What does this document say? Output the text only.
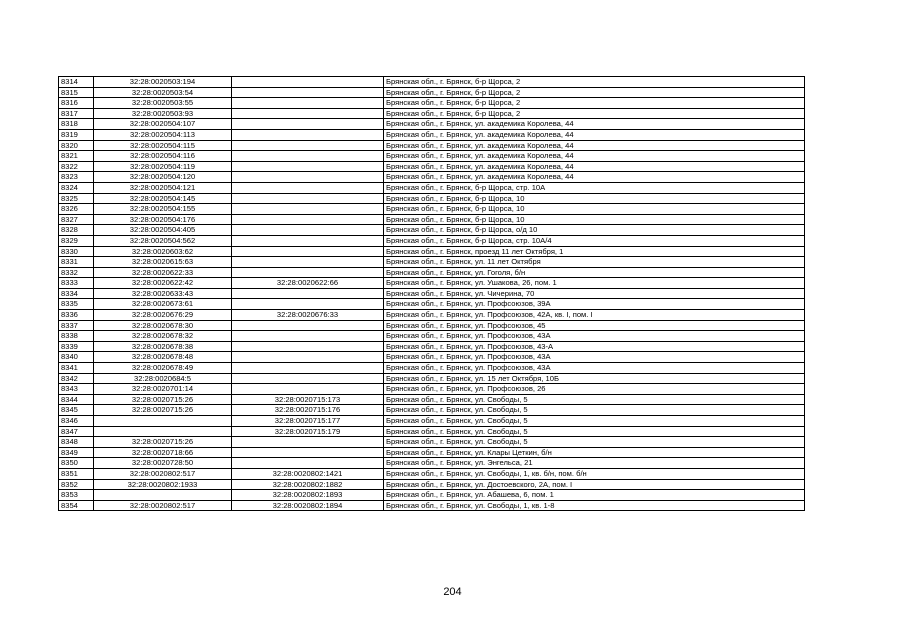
8314	32:28:0020503:194		Брянская обл., г. Брянск, б-р Щорса, 2
8315	32:28:0020503:54		Брянская обл., г. Брянск, б-р Щорса, 2
8316	32:28:0020503:55		Брянская обл., г. Брянск, б-р Щорса, 2
8317	32:28:0020503:93		Брянская обл., г. Брянск, б-р Щорса, 2
8318	32:28:0020504:107		Брянская обл., г. Брянск, ул. академика Королева, 44
8319	32:28:0020504:113		Брянская обл., г. Брянск, ул. академика Королева, 44
8320	32:28:0020504:115		Брянская обл., г. Брянск, ул. академика Королева, 44
8321	32:28:0020504:116		Брянская обл., г. Брянск, ул. академика Королева, 44
8322	32:28:0020504:119		Брянская обл., г. Брянск, ул. академика Королева, 44
8323	32:28:0020504:120		Брянская обл., г. Брянск, ул. академика Королева, 44
8324	32:28:0020504:121		Брянская обл., г. Брянск, б-р Щорса, стр. 10А
8325	32:28:0020504:145		Брянская обл., г. Брянск, б-р Щорса, 10
8326	32:28:0020504:155		Брянская обл., г. Брянск, б-р Щорса, 10
8327	32:28:0020504:176		Брянская обл., г. Брянск, б-р Щорса, 10
8328	32:28:0020504:405		Брянская обл., г. Брянск, б-р Щорса, о/д 10
8329	32:28:0020504:562		Брянская обл., г. Брянск, б-р Щорса, стр. 10А/4
8330	32:28:0020603:62		Брянская обл., г. Брянск, проезд 11 лет Октября, 1
8331	32:28:0020615:63		Брянская обл., г. Брянск, ул. 11 лет Октября
8332	32:28:0020622:33		Брянская обл., г. Брянск, ул. Гоголя, б/н
8333	32:28:0020622:42	32:28:0020622:66	Брянская обл., г. Брянск, ул. Ушакова, 26, пом. 1
8334	32:28:0020633:43		Брянская обл., г. Брянск, ул. Чичерина, 70
8335	32:28:0020673:61		Брянская обл., г. Брянск, ул. Профсоюзов, 39А
8336	32:28:0020676:29	32:28:0020676:33	Брянская обл., г. Брянск, ул. Профсоюзов, 42А, кв. I, пом. I
8337	32:28:0020678:30		Брянская обл., г. Брянск, ул. Профсоюзов, 45
8338	32:28:0020678:32		Брянская обл., г. Брянск, ул. Профсоюзов, 43А
8339	32:28:0020678:38		Брянская обл., г. Брянск, ул. Профсоюзов, 43-А
8340	32:28:0020678:48		Брянская обл., г. Брянск, ул. Профсоюзов, 43А
8341	32:28:0020678:49		Брянская обл., г. Брянск, ул. Профсоюзов, 43А
8342	32:28:0020684:5		Брянская обл., г. Брянск, ул. 15 лет Октября, 10Б
8343	32:28:0020701:14		Брянская обл., г. Брянск, ул. Профсоюзов, 26
8344	32:28:0020715:26	32:28:0020715:173	Брянская обл., г. Брянск, ул. Свободы, 5
8345	32:28:0020715:26	32:28:0020715:176	Брянская обл., г. Брянск, ул. Свободы, 5
8346		32:28:0020715:177	Брянская обл., г. Брянск, ул. Свободы, 5
8347		32:28:0020715:179	Брянская обл., г. Брянск, ул. Свободы, 5
8348	32:28:0020715:26		Брянская обл., г. Брянск, ул. Свободы, 5
8349	32:28:0020718:66		Брянская обл., г. Брянск, ул. Клары Цеткин, б/н
8350	32:28:0020728:50		Брянская обл., г. Брянск, ул. Энгельса, 21
8351	32:28:0020802:517	32:28:0020802:1421	Брянская обл., г. Брянск, ул. Свободы, 1, кв. б/н, пом. б/н
8352	32:28:0020802:1933	32:28:0020802:1882	Брянская обл., г. Брянск, ул. Достоевского, 2А, пом. I
8353		32:28:0020802:1893	Брянская обл., г. Брянск, ул. Абашева, 6, пом. 1
8354	32:28:0020802:517	32:28:0020802:1894	Брянская обл., г. Брянск, ул. Свободы, 1, кв. 1-8
204
